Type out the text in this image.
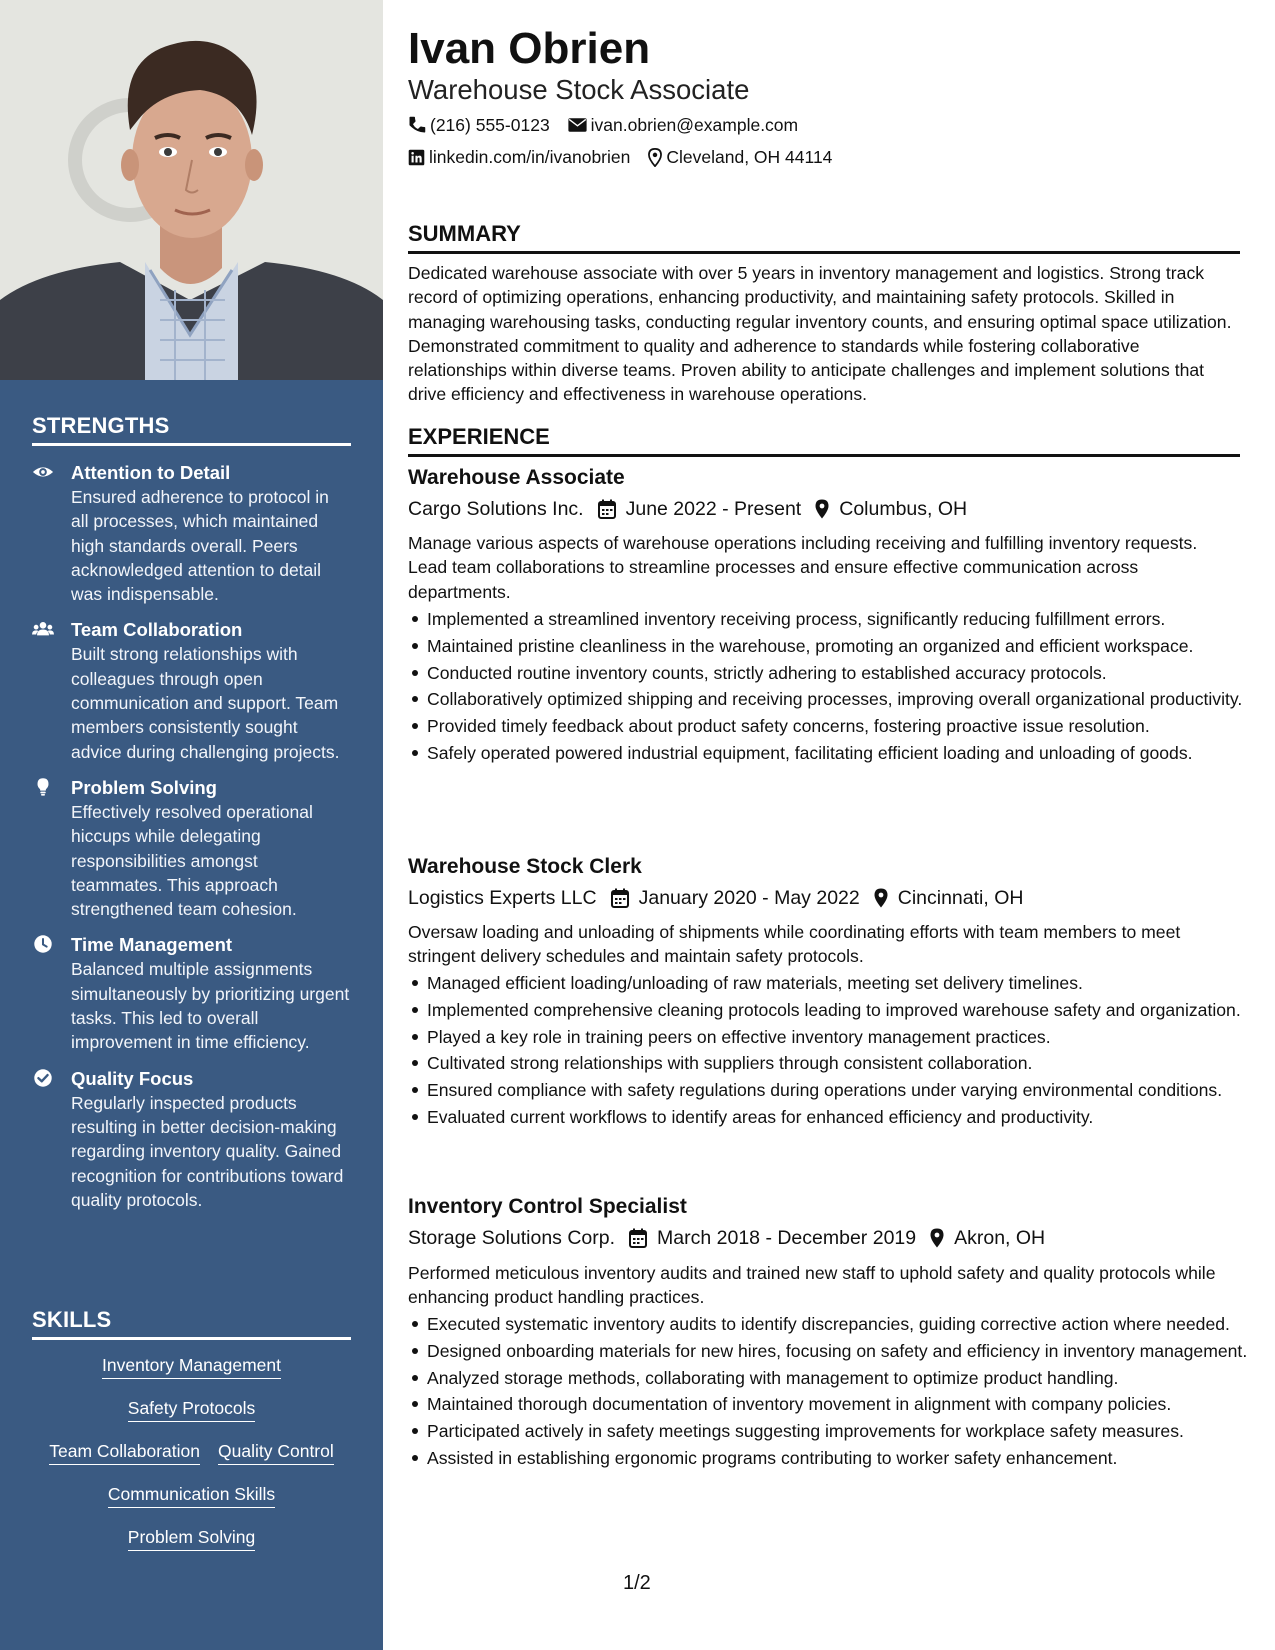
STRENGTHS
Attention to Detail
Ensured adherence to protocol in all processes, which maintained high standards overall. Peers acknowledged attention to detail was indispensable.
Team Collaboration
Built strong relationships with colleagues through open communication and support. Team members consistently sought advice during challenging projects.
Problem Solving
Effectively resolved operational hiccups while delegating responsibilities amongst teammates. This approach strengthened team cohesion.
Time Management
Balanced multiple assignments simultaneously by prioritizing urgent tasks. This led to overall improvement in time efficiency.
Quality Focus
Regularly inspected products resulting in better decision-making regarding inventory quality. Gained recognition for contributions toward quality protocols.
SKILLS
Inventory Management
Safety Protocols
Team Collaboration Quality Control
Communication Skills
Problem Solving
Ivan Obrien
Warehouse Stock Associate
(216) 555-0123 ivan.obrien@example.com
linkedin.com/in/ivanobrien Cleveland, OH 44114
SUMMARY
Dedicated warehouse associate with over 5 years in inventory management and logistics. Strong track record of optimizing operations, enhancing productivity, and maintaining safety protocols. Skilled in managing warehousing tasks, conducting regular inventory counts, and ensuring optimal space utilization. Demonstrated commitment to quality and adherence to standards while fostering collaborative relationships within diverse teams. Proven ability to anticipate challenges and implement solutions that drive efficiency and effectiveness in warehouse operations.
EXPERIENCE
Warehouse Associate
Cargo Solutions Inc. June 2022 - Present Columbus, OH
Manage various aspects of warehouse operations including receiving and fulfilling inventory requests. Lead team collaborations to streamline processes and ensure effective communication across departments.
Implemented a streamlined inventory receiving process, significantly reducing fulfillment errors.
Maintained pristine cleanliness in the warehouse, promoting an organized and efficient workspace.
Conducted routine inventory counts, strictly adhering to established accuracy protocols.
Collaboratively optimized shipping and receiving processes, improving overall organizational productivity.
Provided timely feedback about product safety concerns, fostering proactive issue resolution.
Safely operated powered industrial equipment, facilitating efficient loading and unloading of goods.
Warehouse Stock Clerk
Logistics Experts LLC January 2020 - May 2022 Cincinnati, OH
Oversaw loading and unloading of shipments while coordinating efforts with team members to meet stringent delivery schedules and maintain safety protocols.
Managed efficient loading/unloading of raw materials, meeting set delivery timelines.
Implemented comprehensive cleaning protocols leading to improved warehouse safety and organization.
Played a key role in training peers on effective inventory management practices.
Cultivated strong relationships with suppliers through consistent collaboration.
Ensured compliance with safety regulations during operations under varying environmental conditions.
Evaluated current workflows to identify areas for enhanced efficiency and productivity.
Inventory Control Specialist
Storage Solutions Corp. March 2018 - December 2019 Akron, OH
Performed meticulous inventory audits and trained new staff to uphold safety and quality protocols while enhancing product handling practices.
Executed systematic inventory audits to identify discrepancies, guiding corrective action where needed.
Designed onboarding materials for new hires, focusing on safety and efficiency in inventory management.
Analyzed storage methods, collaborating with management to optimize product handling.
Maintained thorough documentation of inventory movement in alignment with company policies.
Participated actively in safety meetings suggesting improvements for workplace safety measures.
Assisted in establishing ergonomic programs contributing to worker safety enhancement.
1/2
